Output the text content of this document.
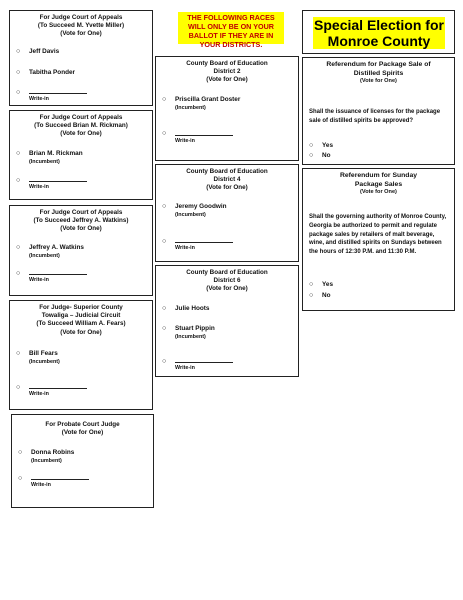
For Judge Court of Appeals
(To Succeed M. Yvette Miller)
(Vote for One)
○ Jeff Davis
○ Tabitha Ponder
○
Write-in
For Judge Court of Appeals
(To Succeed Brian M. Rickman)
(Vote for One)
○ Brian M. Rickman
(Incumbent)
○
Write-in
For Judge Court of Appeals
(To Succeed Jeffrey A. Watkins)
(Vote for One)
○ Jeffrey A. Watkins
(Incumbent)
○
Write-in
For Judge- Superior County
Towaliga – Judicial Circuit
(To Succeed William A. Fears)
(Vote for One)
○ Bill Fears
(Incumbent)
○
Write-in
For Probate Court Judge
(Vote for One)
○ Donna Robins
(Incumbent)
○
Write-in
THE FOLLOWING RACES WILL ONLY BE ON YOUR BALLOT IF THEY ARE IN YOUR DISTRICTS.
County Board of Education
District 2
(Vote for One)
○ Priscilla Grant Doster
(Incumbent)
○
Write-in
County Board of Education
District 4
(Vote for One)
○ Jeremy Goodwin
(Incumbent)
○
Write-in
County Board of Education
District 6
(Vote for One)
○ Julie Hoots
○ Stuart Pippin
(Incumbent)
○
Write-in
Special Election for
Monroe County
Referendum for Package Sale of
Distilled Spirits
(Vote for One)
Shall the issuance of licenses for the package sale of distilled spirits be approved?
○ Yes
○ No
Referendum for Sunday
Package Sales
(Vote for One)
Shall the governing authority of Monroe County, Georgia be authorized to permit and regulate package sales by retailers of malt beverage, wine, and distilled spirits on Sundays between the hours of 12:30 P.M. and 11:30 P.M.
○ Yes
○ No
